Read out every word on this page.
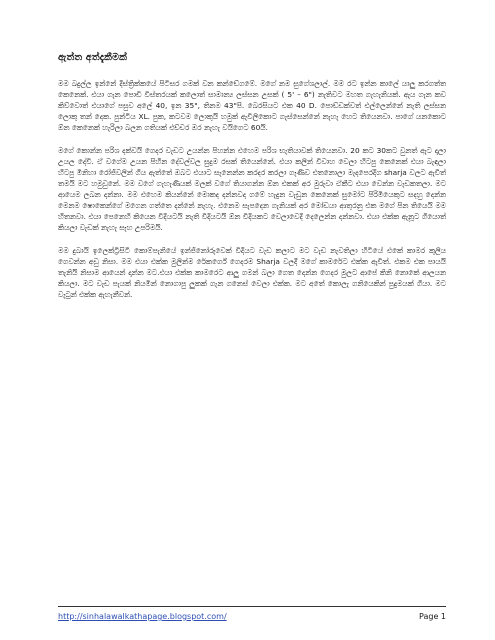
ඇත්ත අත්දැකීමක්

මම බදුල්ල ඉන්නේ දිස්ත්‍රික්කයේ පිටිසර ගමක් වන කන්ඩේගමේ. මගේ නම සුගේශලාල්. මම රට ඉන්න කාලේ යාලු කරගත්ත කෙනෙක්. එයා ගැන පොඩි විස්තරයක් කලොත් සාමාන්‍ය ලස්සන උසක් ( 5' – 6") නැතිවට මහත ගැහැනියක්. ඇය ගැන කව කිව්වොත් එයාගේ පසුව අලේ 40, ඉන 35", තිනම 43"පි. බෙරසියට එක 40 D. පොඩ්ඩක්වත් එල්ලෙන්නේ නැති ලස්සන ලොකු තන් දෙක. පුන්ටිය XL. පුක, කටවම ලොකුයි හමුක් ඇවිලිකොට ගැස්සෙන්නේ නැහැ හෙට තියෙනවා. පාගේ යනකොට ඕන කෙනෙක් හැරිලා බලන ගතියක් එච්චර ඔර නැහැ වයිගෙට 60යි.

මගේ කොන්න පරිශ දක්වයි ගෙදර වැඩට උයන්න පිහන්න එහෙම පරිශ භැතියාවක් තියෙනවා. 20 කට 30කට වුනත් ඇට දාලා උයල දේවි. ඒ වගේම උයන පිහින දේවල්වල සුදුම රසක් තියෙන්නේ. එයා කලින් විවාහ වෙලා හිටපු කෙනෙක් එයා බැඳලා හිටපු මිනිහා රෝජිවලින් ගිය ඇත්තේ ඔබට එයාට සැනෙන්න කරදර කරලා ගෑණිව එතනොලා මැදපෙරදිග sharja වලට ඇවිත් තමයි මට හමුවුනේ. මම වගේ ගැහැණියක් මලක් වගේ තියාගන්න ඕන එකක් අර මුරුවා ඒකීට එයා වෙන්න වැඩකතලා. මට ආයෙම ලබන දන්නා. මම එහෙම කියන්නේ මොකද දන්නවද ගමේ හැදුන වැඩුන කෙනෙක් සුමෝට පිරිමියෙකුට සදහු දෙන්න මෙනම ෂොකෙන්ගේ මගෙන ගත්තෙ දන්නේ නැහැ. එනෙම සැපදෙන ගැනියක් අර මෝඩයා ආතුරනු එක මගේ පින තියෙයි මම හිතනවා. එයා පෙනෙහි කියෙන විදියටයි නැති විදියටයි ඕන විදියකට වෙලාවෙදි දෙලෙන්න දන්නවා. එයා එක්ක ඇනූට ගියොත් කියලා වැඩක් නැහැ සෑහ උපරිමයි.

මම දුබායි ඉලෙක්ට්‍රිසිටි කොම්පැනියේ ඉන්ජිනෝරුවෙක් විදියට වැඩ කලාට මට වැඩ නැවතිලා හිටියේ එකේ කාමර කුලිය ගෙවන්න අඩු නිසා. මම එයා එක්ක මුලින්ම රේකර්ගේ ගෙදරම Sharja වලදී මගේ කාමරේට එක්ක ඇවිත්. එකම එක පායයි තැනියි නිසාම ආයෙන් දාන්න මට.එයා එක්ක කාමරෙට ආලු ගමන් බලා ගෙත දෙන්න ගෙදර මුලට ආපේ කිනි නොකේ ආලයන කියලා. මට වැඩ පැයක් නියමින් නොගාපු ලුකක් ගැන ගනෙස් වෙලා එක්ක. මට අතේ කොලැ ගනියෙකින් පුදුමයක් ගියා. මට වැටුන් එක්ක ඇහැනීවන්.

http://sinhalawalkathapage.blogspot.com/	Page 1
